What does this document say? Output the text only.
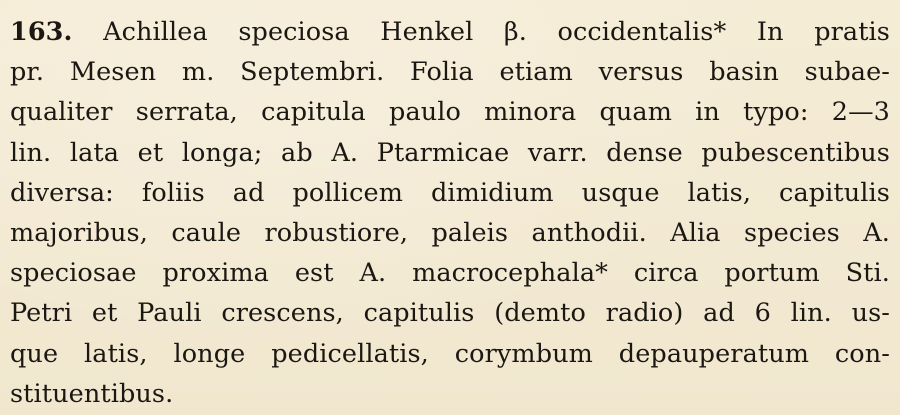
163. Achillea speciosa Henkel β. occidentalis* In pratis
pr. Mesen m. Septembri. Folia etiam versus basin subae-
qualiter serrata, capitula paulo minora quam in typo: 2—3
lin. lata et longa; ab A. Ptarmicae varr. dense pubescentibus
diversa: foliis ad pollicem dimidium usque latis, capitulis
majoribus, caule robustiore, paleis anthodii. Alia species A.
speciosae proxima est A. macrocephala* circa portum Sti.
Petri et Pauli crescens, capitulis (demto radio) ad 6 lin. us-
que latis, longe pedicellatis, corymbum depauperatum con-
stituentibus.
